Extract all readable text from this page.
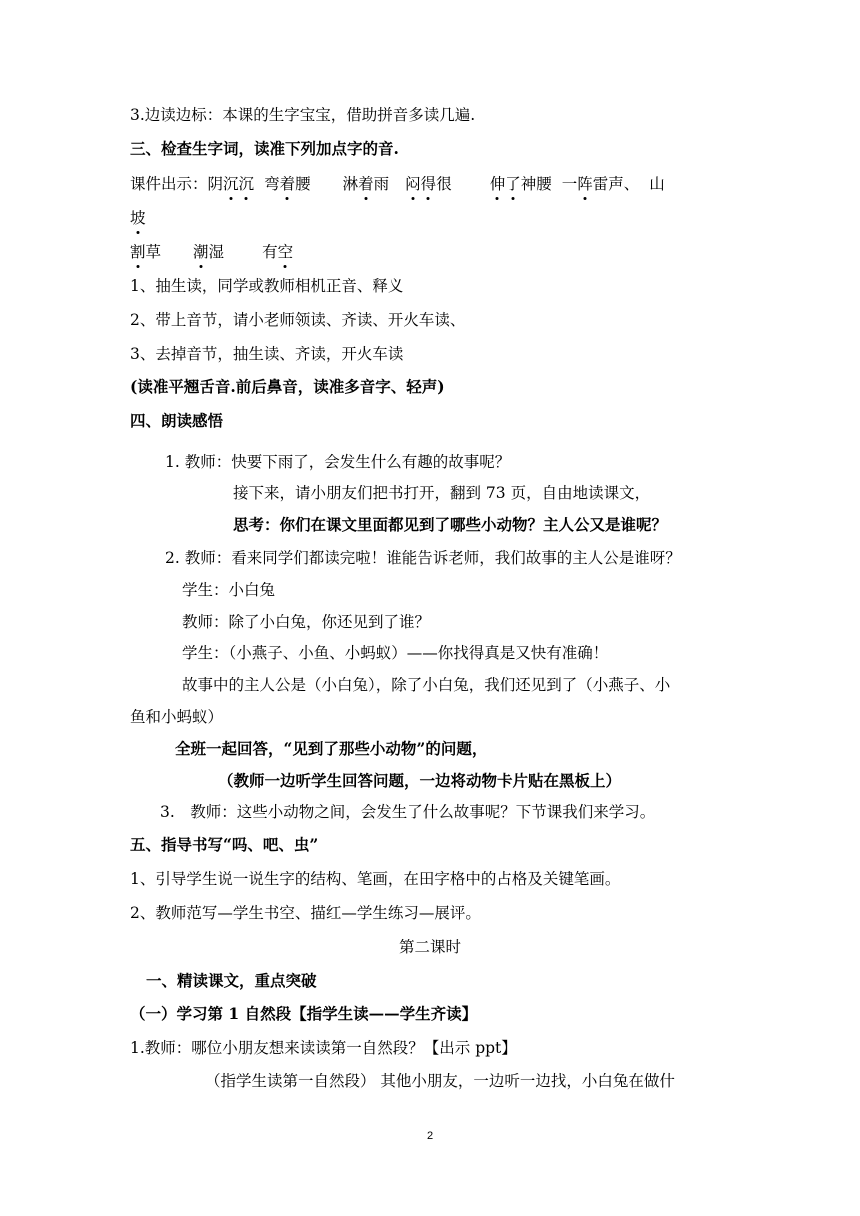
3.边读边标：本课的生字宝宝，借助拼音多读几遍.
三、检查生字词，读准下列加点字的音.
课件出示：阴沉沉 弯着腰 淋着雨 闷得很 伸了神腰 一阵雷声、 山
坡
割草 潮湿 有空
1、抽生读，同学或教师相机正音、释义
2、带上音节，请小老师领读、齐读、开火车读、
3、去掉音节，抽生读、齐读，开火车读
(读准平翘舌音.前后鼻音，读准多音字、轻声)
四、朗读感悟
1. 教师：快要下雨了，会发生什么有趣的故事呢？
接下来，请小朋友们把书打开，翻到 73 页，自由地读课文，
思考：你们在课文里面都见到了哪些小动物？主人公又是谁呢？
2. 教师：看来同学们都读完啦！谁能告诉老师，我们故事的主人公是谁呀？
学生：小白兔
教师：除了小白兔，你还见到了谁？
学生：（小燕子、小鱼、小蚂蚁）——你找得真是又快有准确！
故事中的主人公是（小白兔），除了小白兔，我们还见到了（小燕子、小
鱼和小蚂蚁）
全班一起回答，“见到了那些小动物”的问题，
（教师一边听学生回答问题，一边将动物卡片贴在黑板上）
3.　教师：这些小动物之间，会发生了什么故事呢？下节课我们来学习。
五、指导书写“吗、吧、虫”
1、引导学生说一说生字的结构、笔画，在田字格中的占格及关键笔画。
2、教师范写—学生书空、描红—学生练习—展评。
第二课时
一、精读课文，重点突破
（一）学习第 1 自然段【指学生读——学生齐读】
1.教师：哪位小朋友想来读读第一自然段？【出示 ppt】
（指学生读第一自然段） 其他小朋友，一边听一边找，小白兔在做什
2
